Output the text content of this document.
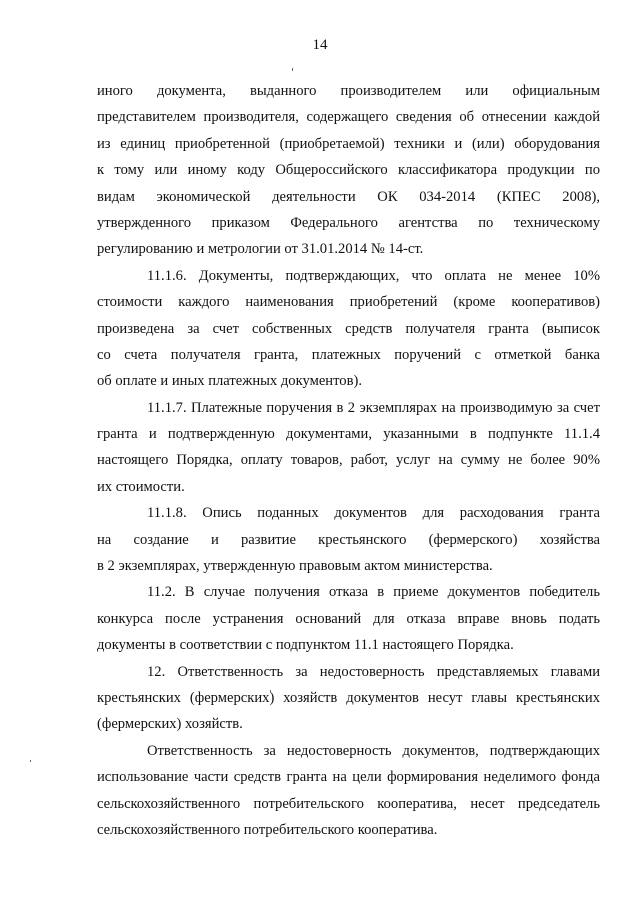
14
иного документа, выданного производителем или официальным
представителем производителя, содержащего сведения об отнесении каждой
из единиц приобретенной (приобретаемой) техники и (или) оборудования
к тому или иному коду Общероссийского классификатора продукции по
видам экономической деятельности ОК 034-2014 (КПЕС 2008),
утвержденного приказом Федерального агентства по техническому
регулированию и метрологии от 31.01.2014 № 14-ст.
11.1.6. Документы, подтверждающих, что оплата не менее 10%
стоимости каждого наименования приобретений (кроме кооперативов)
произведена за счет собственных средств получателя гранта (выписок
со счета получателя гранта, платежных поручений с отметкой банка
об оплате и иных платежных документов).
11.1.7. Платежные поручения в 2 экземплярах на производимую за счет
гранта и подтвержденную документами, указанными в подпункте 11.1.4
настоящего Порядка, оплату товаров, работ, услуг на сумму не более 90%
их стоимости.
11.1.8. Опись поданных документов для расходования гранта
на создание и развитие крестьянского (фермерского) хозяйства
в 2 экземплярах, утвержденную правовым актом министерства.
11.2. В случае получения отказа в приеме документов победитель
конкурса после устранения оснований для отказа вправе вновь подать
документы в соответствии с подпунктом 11.1 настоящего Порядка.
12. Ответственность за недостоверность представляемых главами
крестьянских (фермерских) хозяйств документов несут главы крестьянских
(фермерских) хозяйств.
Ответственность за недостоверность документов, подтверждающих
использование части средств гранта на цели формирования неделимого фонда
сельскохозяйственного потребительского кооператива, несет председатель
сельскохозяйственного потребительского кооператива.
